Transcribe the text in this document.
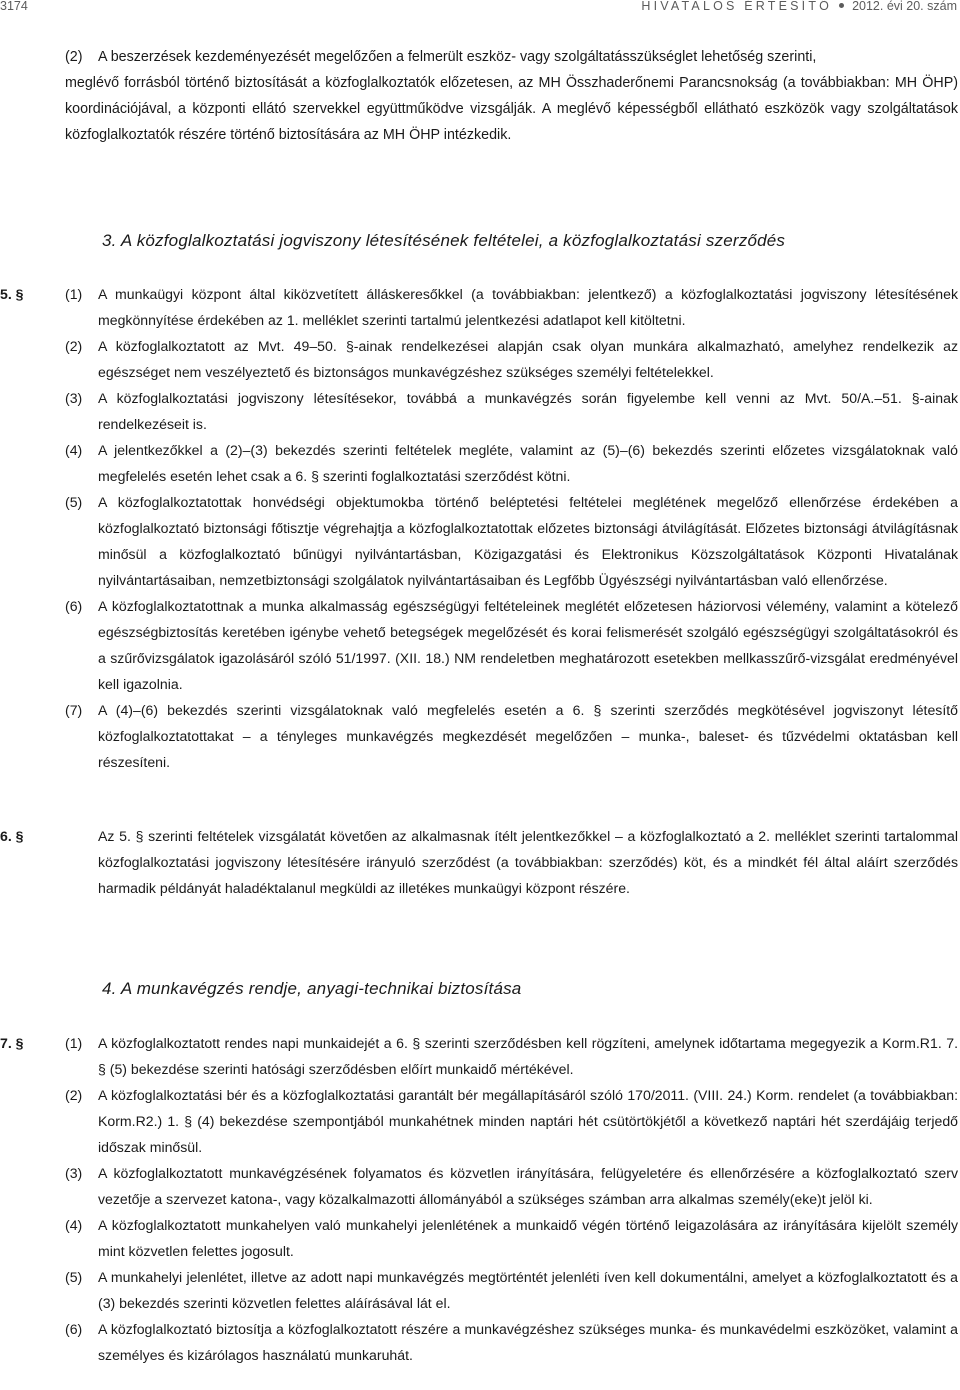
3174	HIVATALOS ÉRTESÍTŐ 2012. évi 20. szám

(2) A beszerzések kezdeményezését megelőzően a felmerült eszköz- vagy szolgáltatásszükséglet lehetőség szerinti,

meglévő forrásból történő biztosítását a közfoglalkoztatók előzetesen, az MH Összhaderőnemi Parancsnokság (a továbbiakban: MH ÖHP) koordinációjával, a központi ellátó szervekkel együttműködve vizsgálják. A meglévő képességből ellátható eszközök vagy szolgáltatások közfoglalkoztatók részére történő biztosítására az MH ÖHP intézkedik.

3. A közfoglalkoztatási jogviszony létesítésének feltételei, a közfoglalkoztatási szerződés
5. §	(1) A munkaügyi központ által kiközvetített álláskeresőkkel (a továbbiakban: jelentkező) a közfoglalkoztatási jogviszony létesítésének megkönnyítése érdekében az 1. melléklet szerinti tartalmú jelentkezési adatlapot kell kitöltetni.

(2) A közfoglalkoztatott az Mvt. 49–50. §-ainak rendelkezései alapján csak olyan munkára alkalmazható, amelyhez rendelkezik az egészséget nem veszélyeztető és biztonságos munkavégzéshez szükséges személyi feltételekkel.

(3) A közfoglalkoztatási jogviszony létesítésekor, továbbá a munkavégzés során figyelembe kell venni az Mvt. 50/A.–51. §-ainak rendelkezéseit is.

(4) A jelentkezőkkel a (2)–(3) bekezdés szerinti feltételek megléte, valamint az (5)–(6) bekezdés szerinti előzetes vizsgálatoknak való megfelelés esetén lehet csak a 6. § szerinti foglalkoztatási szerződést kötni.

(5) A közfoglalkoztatottak honvédségi objektumokba történő beléptetési feltételei meglétének megelőző ellenőrzése érdekében a közfoglalkoztató biztonsági főtisztje végrehajtja a közfoglalkoztatottak előzetes biztonsági átvilágítását. Előzetes biztonsági átvilágításnak minősül a közfoglalkoztató bűnügyi nyilvántartásban, Közigazgatási és Elektronikus Közszolgáltatások Központi Hivatalának nyilvántartásaiban, nemzetbiztonsági szolgálatok nyilvántartásaiban és Legfőbb Ügyészségi nyilvántartásban való ellenőrzése.

(6) A közfoglalkoztatottnak a munka alkalmasság egészségügyi feltételeinek meglétét előzetesen háziorvosi vélemény, valamint a kötelező egészségbiztosítás keretében igénybe vehető betegségek megelőzését és korai felismerését szolgáló egészségügyi szolgáltatásokról és a szűrővizsgálatok igazolásáról szóló 51/1997. (XII. 18.) NM rendeletben meghatározott esetekben mellkasszűrő-vizsgálat eredményével kell igazolnia.

(7) A (4)–(6) bekezdés szerinti vizsgálatoknak való megfelelés esetén a 6. § szerinti szerződés megkötésével jogviszonyt létesítő közfoglalkoztatottakat – a tényleges munkavégzés megkezdését megelőzően – munka-, baleset- és tűzvédelmi oktatásban kell részesíteni.

6. §	Az 5. § szerinti feltételek vizsgálatát követően az alkalmasnak ítélt jelentkezőkkel – a közfoglalkoztató a 2. melléklet szerinti tartalommal közfoglalkoztatási jogviszony létesítésére irányuló szerződést (a továbbiakban: szerződés) köt, és a mindkét fél által aláírt szerződés harmadik példányát haladéktalanul megküldi az illetékes munkaügyi központ részére.

4. A munkavégzés rendje, anyagi-technikai biztosítása
7. §	(1) A közfoglalkoztatott rendes napi munkaidejét a 6. § szerinti szerződésben kell rögzíteni, amelynek időtartama megegyezik a Korm.R1. 7. § (5) bekezdése szerinti hatósági szerződésben előírt munkaidő mértékével.

(2) A közfoglalkoztatási bér és a közfoglalkoztatási garantált bér megállapításáról szóló 170/2011. (VIII. 24.) Korm. rendelet (a továbbiakban: Korm.R2.) 1. § (4) bekezdése szempontjából munkahétnek minden naptári hét csütörtökjétől a következő naptári hét szerdájáig terjedő időszak minősül.

(3) A közfoglalkoztatott munkavégzésének folyamatos és közvetlen irányítására, felügyeletére és ellenőrzésére a közfoglalkoztató szerv vezetője a szervezet katona-, vagy közalkalmazotti állományából a szükséges számban arra alkalmas személy(eke)t jelöl ki.

(4) A közfoglalkoztatott munkahelyen való munkahelyi jelenlétének a munkaidő végén történő leigazolására az irányítására kijelölt személy mint közvetlen felettes jogosult.

(5) A munkahelyi jelenlétet, illetve az adott napi munkavégzés megtörténtét jelenléti íven kell dokumentálni, amelyet a közfoglalkoztatott és a (3) bekezdés szerinti közvetlen felettes aláírásával lát el.

(6) A közfoglalkoztató biztosítja a közfoglalkoztatott részére a munkavégzéshez szükséges munka- és munkavédelmi eszközöket, valamint a személyes és kizárólagos használatú munkaruhát.
